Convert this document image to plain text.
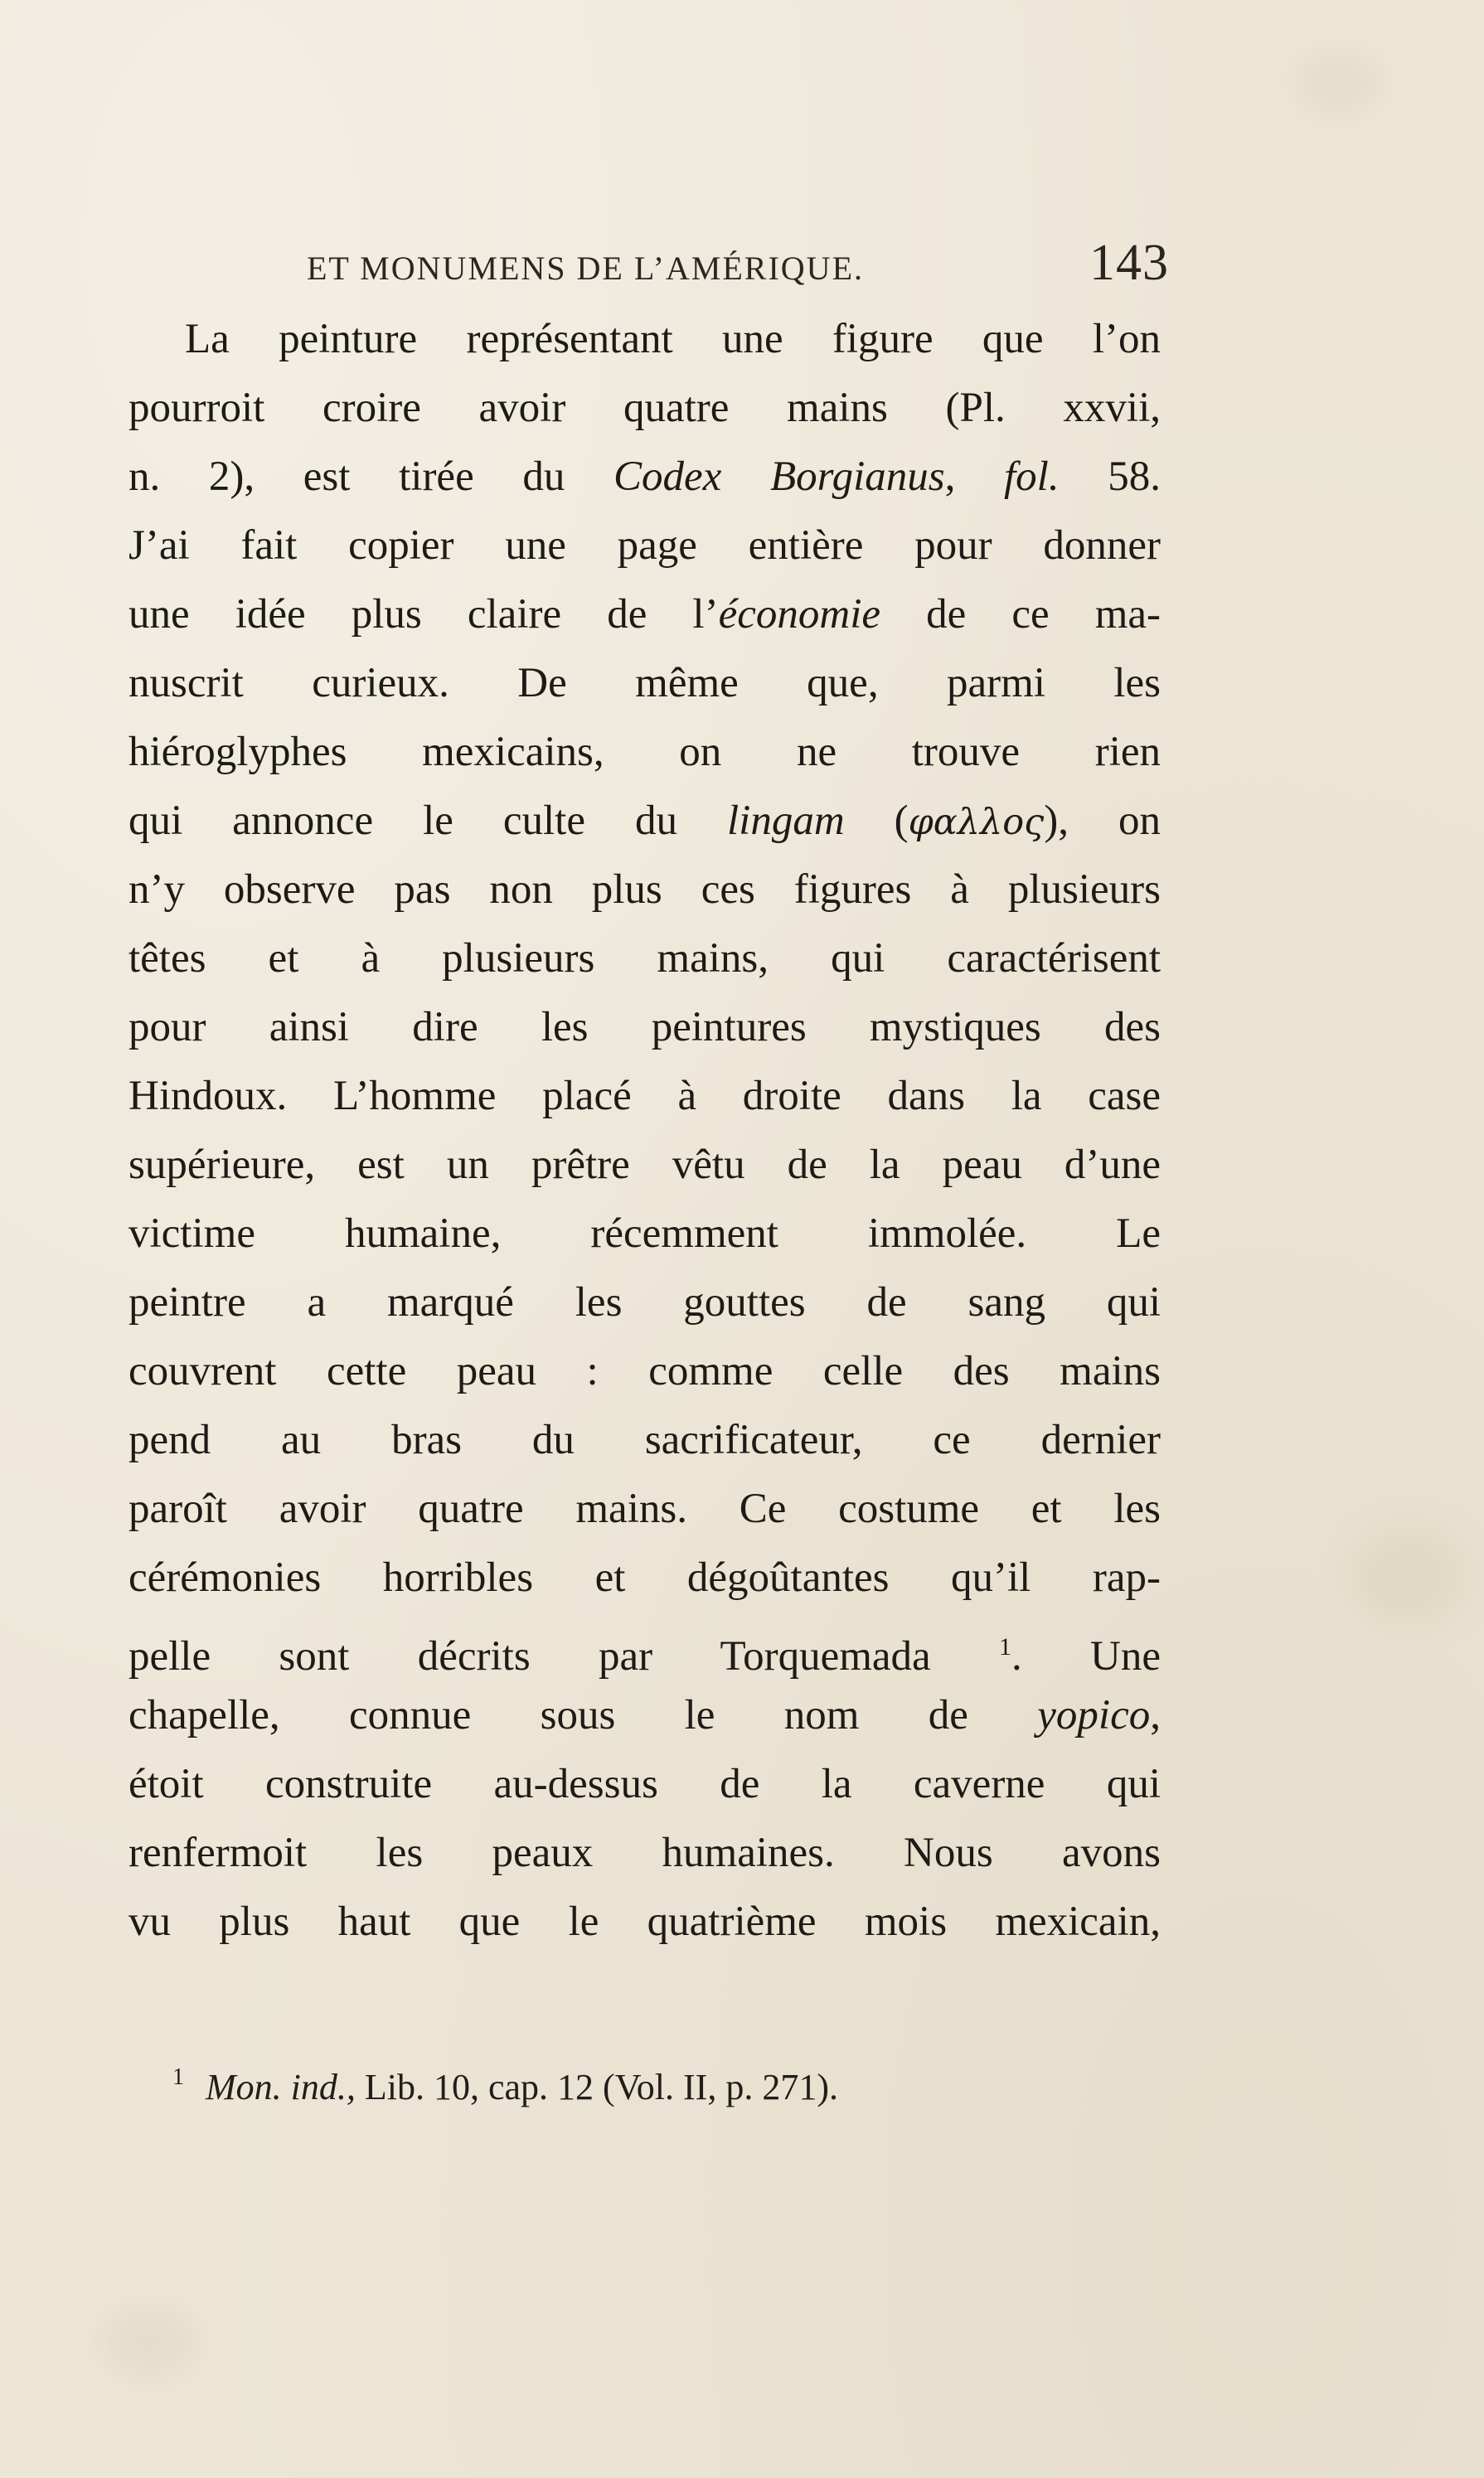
ET MONUMENS DE L’AMÉRIQUE.	143
La peinture représentant une figure que l’on
pourroit croire avoir quatre mains (Pl. xxvii,
n. 2), est tirée du Codex Borgianus, fol. 58.
J’ai fait copier une page entière pour donner
une idée plus claire de l’économie de ce ma-
nuscrit curieux. De même que, parmi les
hiéroglyphes mexicains, on ne trouve rien
qui annonce le culte du lingam (φαλλος), on
n’y observe pas non plus ces figures à plusieurs
têtes et à plusieurs mains, qui caractérisent
pour ainsi dire les peintures mystiques des
Hindoux. L’homme placé à droite dans la case
supérieure, est un prêtre vêtu de la peau d’une
victime humaine, récemment immolée. Le
peintre a marqué les gouttes de sang qui
couvrent cette peau : comme celle des mains
pend au bras du sacrificateur, ce dernier
paroît avoir quatre mains. Ce costume et les
cérémonies horribles et dégoûtantes qu’il rap-
pelle sont décrits par Torquemada $^1$. Une
chapelle, connue sous le nom de yopico,
étoit construite au-dessus de la caverne qui
renfermoit les peaux humaines. Nous avons
vu plus haut que le quatrième mois mexicain,
$^1$ Mon. ind., Lib. 10, cap. 12 (Vol. II, p. 271).
